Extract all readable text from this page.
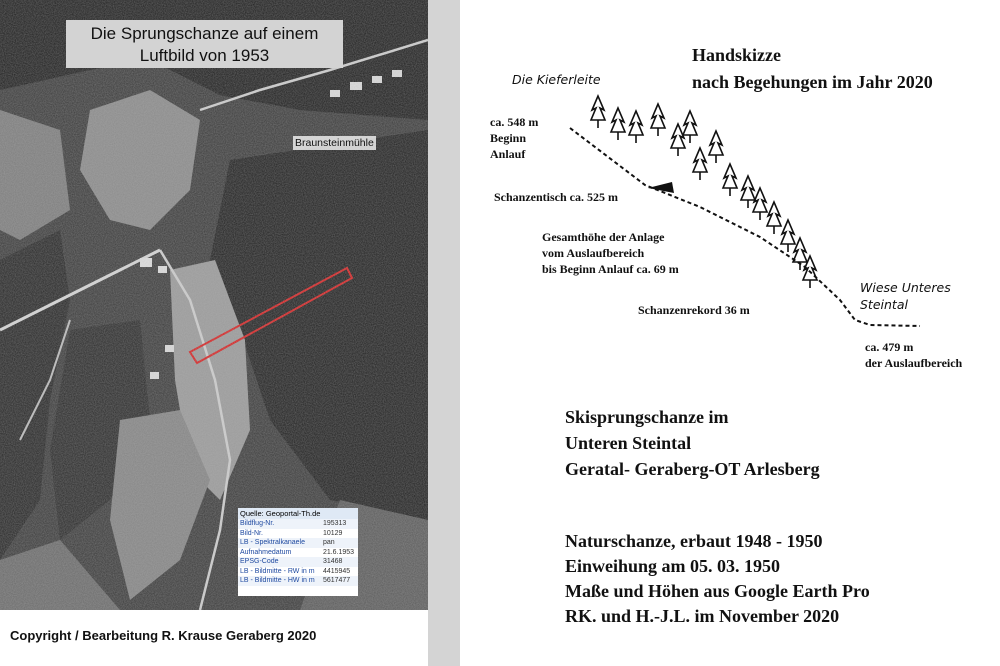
Die Sprungschanze auf einem
Luftbild von 1953
Braunsteinmühle
Quelle: Geoportal-Th.de
Bildflug-Nr.	195313
Bild-Nr.	10129
LB - Spektralkanaele	pan
Aufnahmedatum	21.6.1953
EPSG-Code	31468
LB - Bildmitte - RW in m	4415945
LB - Bildmitte - HW in m	5617477
Copyright / Bearbeitung R. Krause Geraberg 2020
Handskizze
nach Begehungen im Jahr 2020
Die Kieferleite
ca. 548 m
Beginn
Anlauf
Schanzentisch ca. 525 m
Gesamthöhe der Anlage
vom Auslaufbereich
bis Beginn Anlauf ca. 69 m
Schanzenrekord 36 m
Wiese Unteres
Steintal
ca. 479 m
der Auslaufbereich
Skisprungschanze im
Unteren Steintal
Geratal- Geraberg-OT Arlesberg
Naturschanze, erbaut 1948 - 1950
Einweihung am 05. 03. 1950
Maße und Höhen aus Google Earth Pro
RK. und H.-J.L. im November 2020
